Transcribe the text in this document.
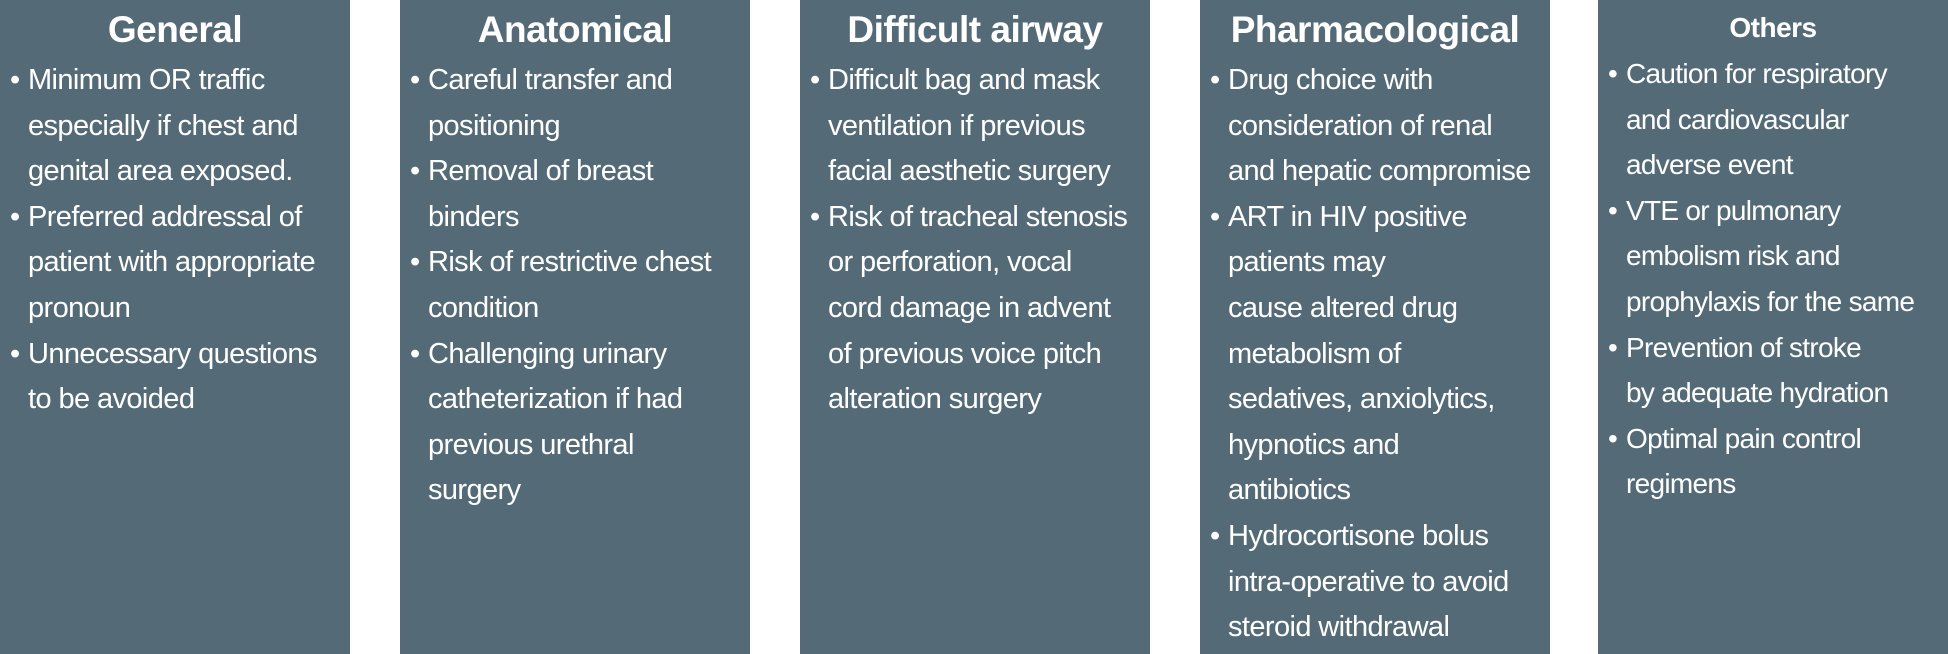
General
• Minimum OR traffic
especially if chest and
genital area exposed.
• Preferred addressal of
patient with appropriate
pronoun
• Unnecessary questions
to be avoided
Anatomical
• Careful transfer and
positioning
• Removal of breast
binders
• Risk of restrictive chest
condition
• Challenging urinary
catheterization if had
previous urethral
surgery
Difficult airway
• Difficult bag and mask
ventilation if previous
facial aesthetic surgery
• Risk of tracheal stenosis
or perforation, vocal
cord damage in advent
of previous voice pitch
alteration surgery
Pharmacological
• Drug choice with
consideration of renal
and hepatic compromise
• ART in HIV positive
patients may
cause altered drug
metabolism of
sedatives, anxiolytics,
hypnotics and
antibiotics
• Hydrocortisone bolus
intra-operative to avoid
steroid withdrawal
Others
• Caution for respiratory
and cardiovascular
adverse event
• VTE or pulmonary
embolism risk and
prophylaxis for the same
• Prevention of stroke
by adequate hydration
• Optimal pain control
regimens
